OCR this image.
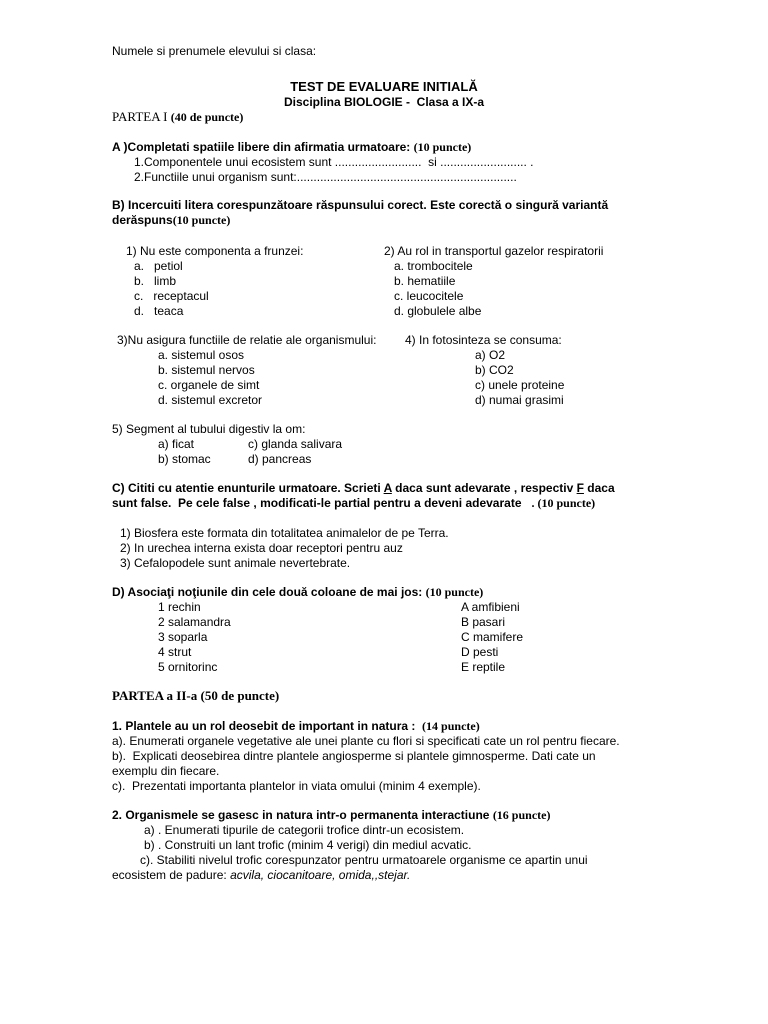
Numele si prenumele elevului si clasa:
TEST DE EVALUARE INITIALĂ
Disciplina BIOLOGIE -  Clasa a IX-a
PARTEA I (40 de puncte)
A )Completati spatiile libere din afirmatia urmatoare: (10 puncte)
1.Componentele unui ecosistem sunt ..........................  si .......................... .
2.Functiile unui organism sunt:..................................................................
B) Incercuiti litera corespunzătoare răspunsului corect. Este corectă o singură variantă
derăspuns(10 puncte)
1) Nu este componenta a frunzei:
a.   petiol
b.   limb
c.   receptacul
d.   teaca
2) Au rol in transportul gazelor respiratorii
a. trombocitele
b. hematiile
c. leucocitele
d. globulele albe
3)Nu asigura functiile de relatie ale organismului:
a. sistemul osos
b. sistemul nervos
c. organele de simt
d. sistemul excretor
4) In fotosinteza se consuma:
a) O2
b) CO2
c) unele proteine
d) numai grasimi
5) Segment al tubului digestiv la om:
a) ficat	c) glanda salivara
b) stomac	d) pancreas
C) Cititi cu atentie enunturile urmatoare. Scrieti A daca sunt adevarate , respectiv F daca
sunt false.  Pe cele false , modificati-le partial pentru a deveni adevarate . (10 puncte)
1) Biosfera este formata din totalitatea animalelor de pe Terra.
2) In urechea interna exista doar receptori pentru auz
3) Cefalopodele sunt animale nevertebrate.
D) Asociaţi noţiunile din cele două coloane de mai jos: (10 puncte)
1 rechin
2 salamandra
3 soparla
4 strut
5 ornitorinc
A amfibieni
B pasari
C mamifere
D pesti
E reptile
PARTEA a II-a (50 de puncte)
1. Plantele au un rol deosebit de important in natura : (14 puncte)
a). Enumerati organele vegetative ale unei plante cu flori si specificati cate un rol pentru fiecare.
b).  Explicati deosebirea dintre plantele angiosperme si plantele gimnosperme. Dati cate un
exemplu din fiecare.
c).  Prezentati importanta plantelor in viata omului (minim 4 exemple).
2. Organismele se gasesc in natura intr-o permanenta interactiune (16 puncte)
a) . Enumerati tipurile de categorii trofice dintr-un ecosistem.
b) . Construiti un lant trofic (minim 4 verigi) din mediul acvatic.
c). Stabiliti nivelul trofic corespunzator pentru urmatoarele organisme ce apartin unui
ecosistem de padure: acvila, ciocanitoare, omida,,stejar.
